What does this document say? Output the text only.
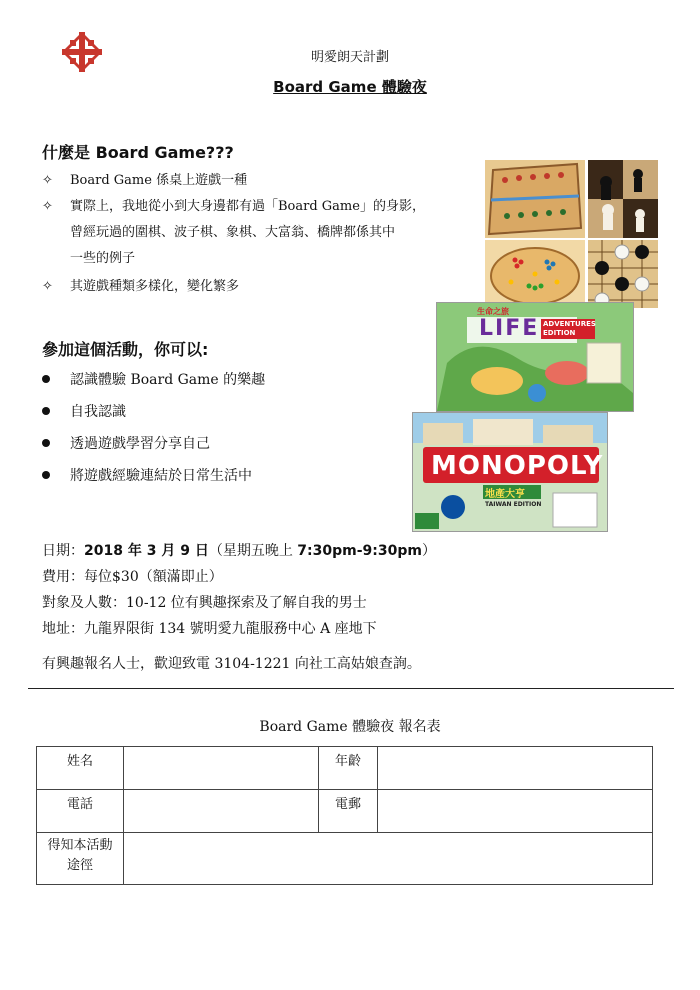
明愛朗天計劃
Board Game 體驗夜
什麼是 Board Game???
✧ Board Game 係桌上遊戲一種
✧ 實際上，我地從小到大身邊都有過「Board Game」的身影，
曾經玩過的圍棋、波子棋、象棋、大富翁、橋牌都係其中
一些的例子
✧ 其遊戲種類多樣化，變化繁多
參加這個活動，你可以:
認識體驗 Board Game 的樂趣
自我認識
透過遊戲學習分享自己
將遊戲經驗連結於日常生活中
生命之旅
LIFE ADVENTURES EDITION
MONOPOLY
地產大亨
TAIWAN EDITION
日期：2018 年 3 月 9 日（星期五晚上 7:30pm-9:30pm）
費用：每位$30（額滿即止）
對象及人數：10-12 位有興趣探索及了解自我的男士
地址：九龍界限街 134 號明愛九龍服務中心 A 座地下
有興趣報名人士，歡迎致電 3104-1221 向社工高姑娘查詢。
Board Game 體驗夜 報名表
姓名		年齡	
電話		電郵	

得知本活動
途徑			
